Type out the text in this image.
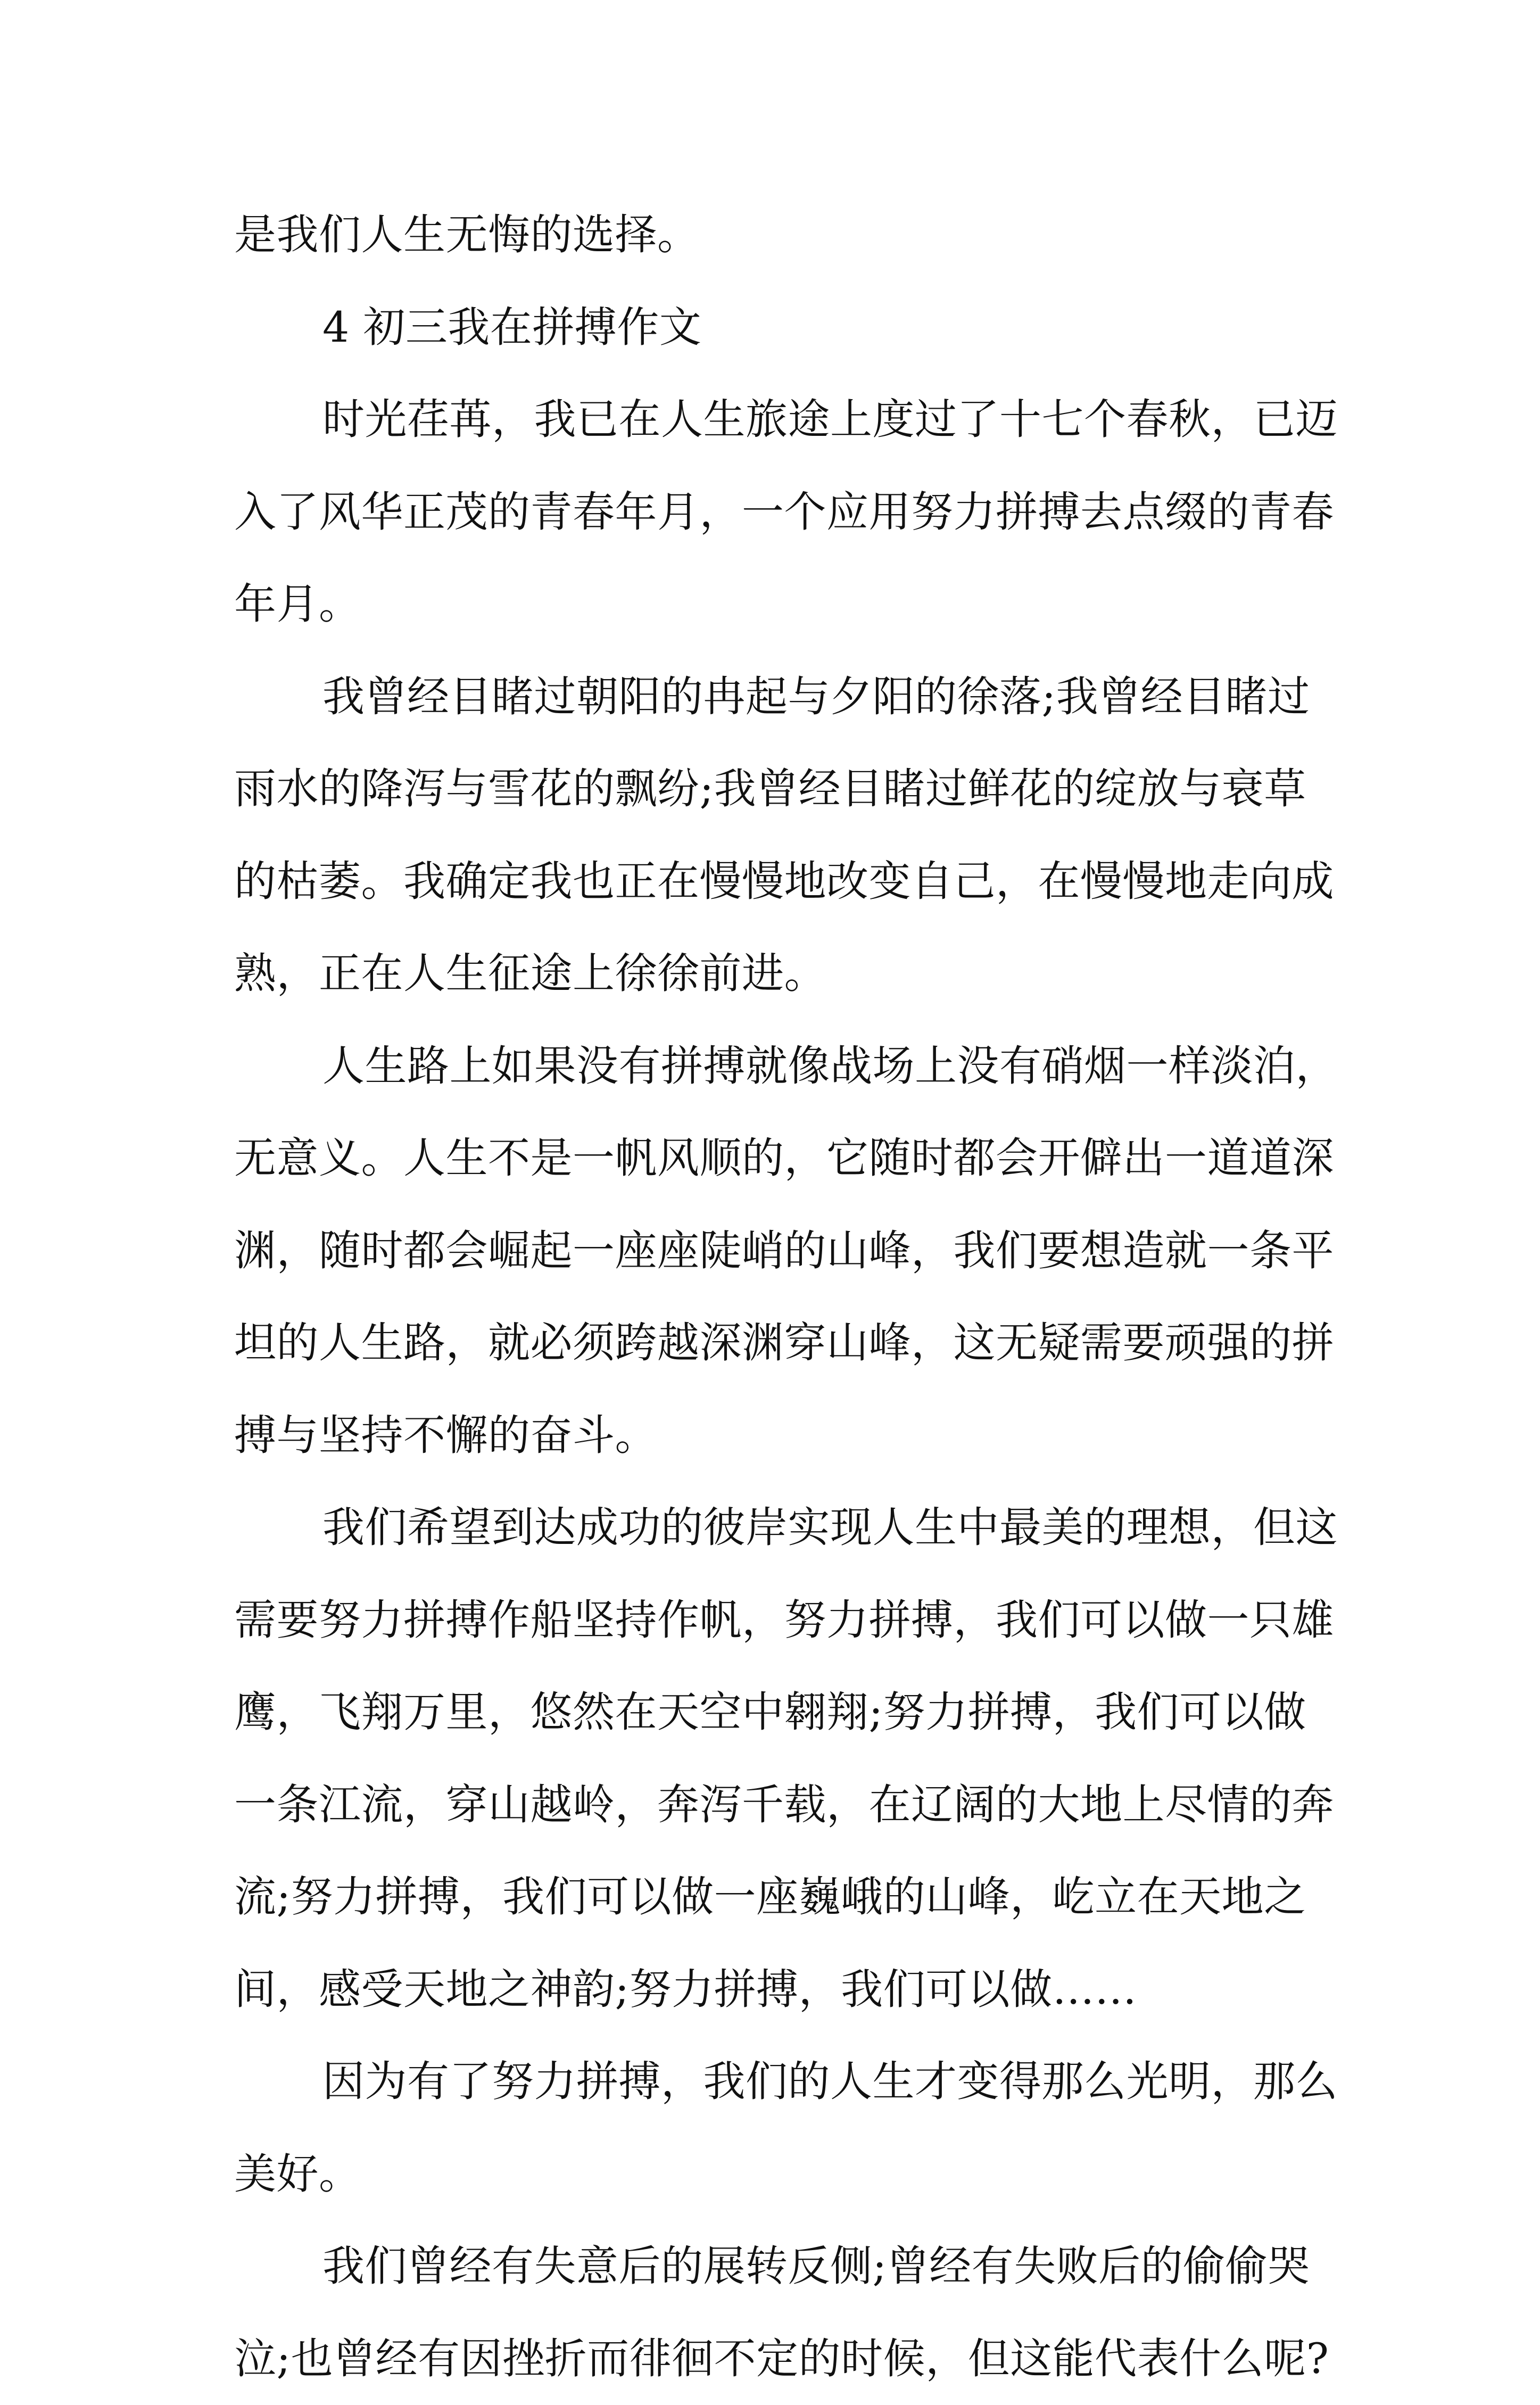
是我们人生无悔的选择。
4 初三我在拼搏作文
时光荏苒，我已在人生旅途上度过了十七个春秋，已迈
入了风华正茂的青春年月，一个应用努力拼搏去点缀的青春
年月。
我曾经目睹过朝阳的冉起与夕阳的徐落;我曾经目睹过
雨水的降泻与雪花的飘纷;我曾经目睹过鲜花的绽放与衰草
的枯萎。我确定我也正在慢慢地改变自己，在慢慢地走向成
熟，正在人生征途上徐徐前进。
人生路上如果没有拼搏就像战场上没有硝烟一样淡泊，
无意义。人生不是一帆风顺的，它随时都会开僻出一道道深
渊，随时都会崛起一座座陡峭的山峰，我们要想造就一条平
坦的人生路，就必须跨越深渊穿山峰，这无疑需要顽强的拼
搏与坚持不懈的奋斗。
我们希望到达成功的彼岸实现人生中最美的理想，但这
需要努力拼搏作船坚持作帆，努力拼搏，我们可以做一只雄
鹰，飞翔万里，悠然在天空中翱翔;努力拼搏，我们可以做
一条江流，穿山越岭，奔泻千载，在辽阔的大地上尽情的奔
流;努力拼搏，我们可以做一座巍峨的山峰，屹立在天地之
间，感受天地之神韵;努力拼搏，我们可以做……
因为有了努力拼搏，我们的人生才变得那么光明，那么
美好。
我们曾经有失意后的展转反侧;曾经有失败后的偷偷哭
泣;也曾经有因挫折而徘徊不定的时候，但这能代表什么呢?
